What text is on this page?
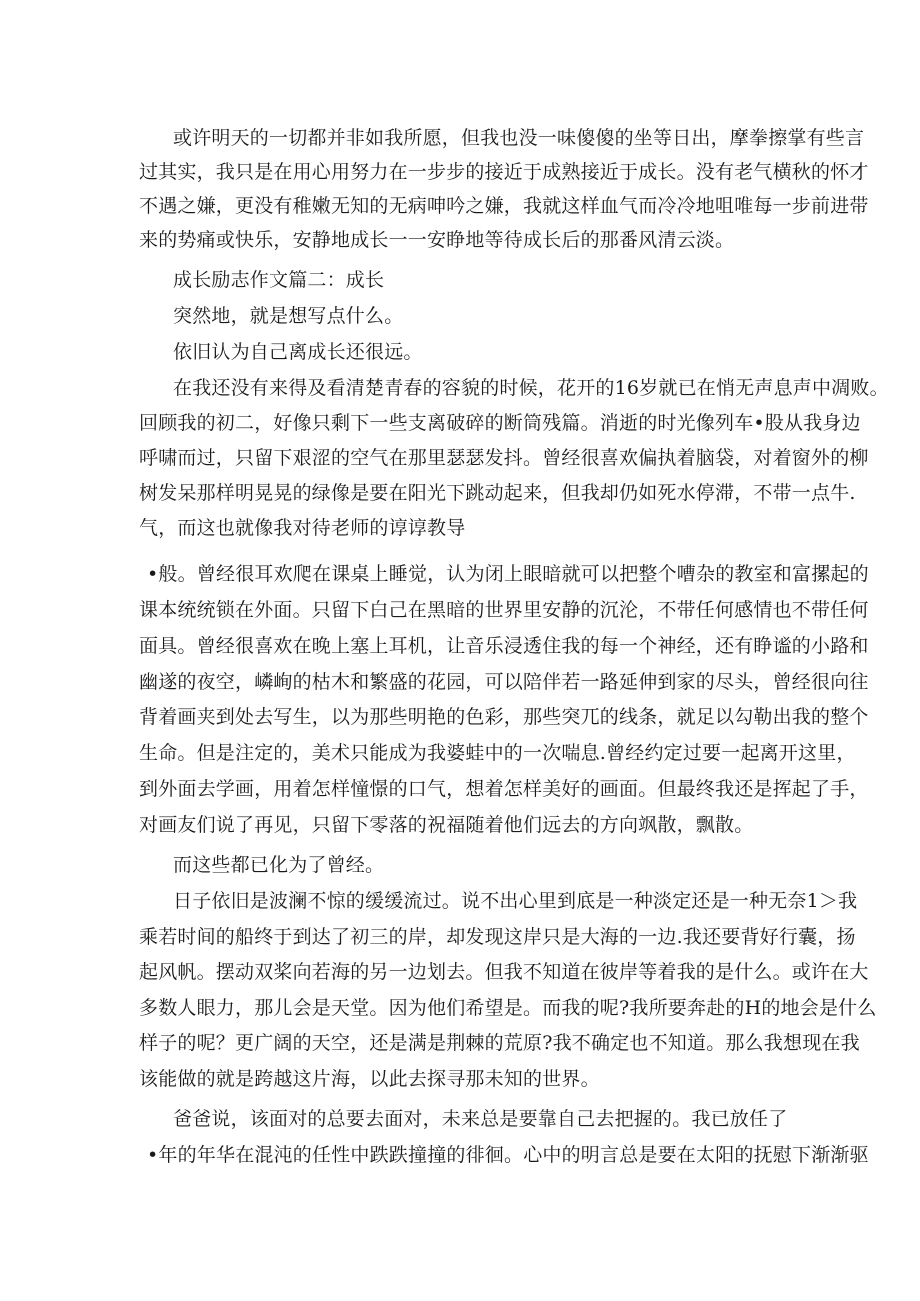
或许明天的一切都并非如我所愿，但我也没一味傻傻的坐等日出，摩拳擦掌有些言
过其实，我只是在用心用努力在一步步的接近于成熟接近于成长。没有老气横秋的怀才
不遇之嫌，更没有稚嫩无知的无病呻吟之嫌，我就这样血气而冷冷地咀唯每一步前进带
来的势痛或快乐，安静地成长一一安睁地等待成长后的那番风清云淡。
成长励志作文篇二：成长
突然地，就是想写点什么。
依旧认为自己离成长还很远。
在我还没有来得及看清楚青春的容貌的时候，花开的16岁就已在悄无声息声中凋败。
回顾我的初二，好像只剩下一些支离破碎的断筒残篇。消逝的时光像列车•股从我身边
呼啸而过，只留下艰涩的空气在那里瑟瑟发抖。曾经很喜欢偏执着脑袋，对着窗外的柳
树发呆那样明晃晃的绿像是要在阳光下跳动起来，但我却仍如死水停滞，不带一点牛.
气，而这也就像我对待老师的谆谆教导
•般。曾经很耳欢爬在课桌上睡觉，认为闭上眼暗就可以把整个嘈杂的教室和富摞起的
课本统统锁在外面。只留下白己在黑暗的世界里安静的沉沦，不带任何感情也不带任何
面具。曾经很喜欢在晚上塞上耳机，让音乐浸透住我的每一个神经，还有睁谧的小路和
幽遂的夜空，嶙峋的枯木和繁盛的花园，可以陪伴若一路延伸到家的尽头，曾经很向往
背着画夹到处去写生，以为那些明艳的色彩，那些突兀的线条，就足以勾勒出我的整个
生命。但是注定的，美术只能成为我婆蛙中的一次喘息.曾经约定过要一起离开这里，
到外面去学画，用着怎样憧憬的口气，想着怎样美好的画面。但最终我还是挥起了手，
对画友们说了再见，只留下零落的祝福随着他们远去的方向飒散，飘散。
而这些都已化为了曾经。
日子依旧是波澜不惊的缓缓流过。说不出心里到底是一种淡定还是一种无奈1＞我
乘若时间的船终于到达了初三的岸，却发现这岸只是大海的一边.我还要背好行囊，扬
起风帆。摆动双桨向若海的另一边划去。但我不知道在彼岸等着我的是什么。或许在大
多数人眼力，那儿会是天堂。因为他们希望是。而我的呢?我所要奔赴的H的地会是什么
样子的呢？更广阔的天空，还是满是荆棘的荒原?我不确定也不知道。那么我想现在我
该能做的就是跨越这片海，以此去探寻那未知的世界。
爸爸说，该面对的总要去面对，未来总是要靠自己去把握的。我已放任了
•年的年华在混沌的任性中跌跌撞撞的徘徊。心中的明言总是要在太阳的抚慰下渐渐驱
